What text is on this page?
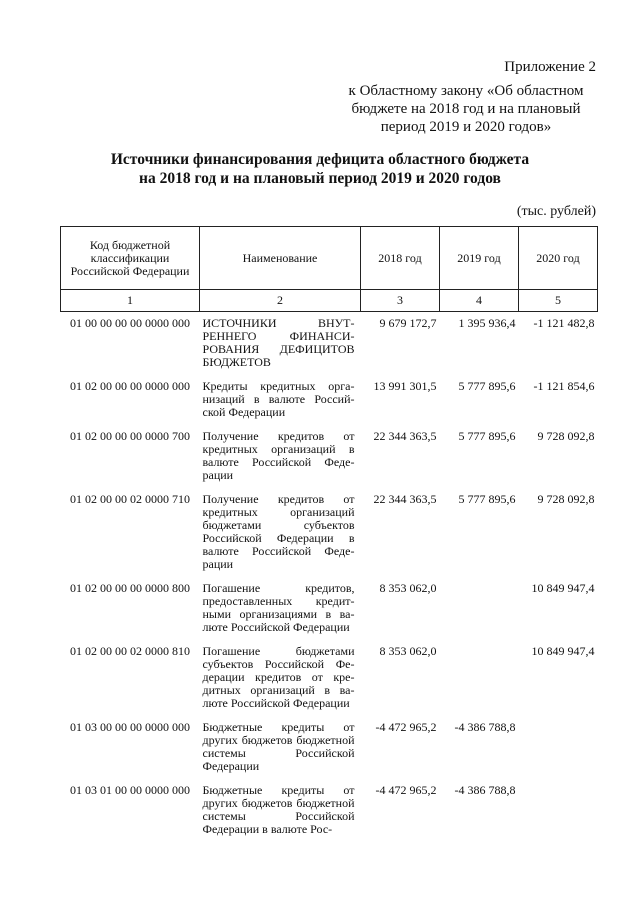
Приложение 2
к Областному закону «Об областном бюджете на 2018 год и на плановый период 2019 и 2020 годов»
Источники финансирования дефицита областного бюджета
на 2018 год и на плановый период 2019 и 2020 годов
(тыс. рублей)
Код бюджетной классификации Российской Федерации	Наименование	2018 год	2019 год	2020 год
1	2	3	4	5
01 00 00 00 00 0000 000	ИСТОЧНИКИ ВНУТРЕННЕГО ФИНАНСИРОВАНИЯ ДЕФИЦИТОВ БЮДЖЕТОВ	9 679 172,7	1 395 936,4	-1 121 482,8
01 02 00 00 00 0000 000	Кредиты кредитных организаций в валюте Российской Федерации	13 991 301,5	5 777 895,6	-1 121 854,6
01 02 00 00 00 0000 700	Получение кредитов от кредитных организаций в валюте Российской Федерации	22 344 363,5	5 777 895,6	9 728 092,8
01 02 00 00 02 0000 710	Получение кредитов от кредитных организаций бюджетами субъектов Российской Федерации в валюте Российской Федерации	22 344 363,5	5 777 895,6	9 728 092,8
01 02 00 00 00 0000 800	Погашение кредитов, предоставленных кредитными организациями в валюте Российской Федерации	8 353 062,0		10 849 947,4
01 02 00 00 02 0000 810	Погашение бюджетами субъектов Российской Федерации кредитов от кредитных организаций в валюте Российской Федерации	8 353 062,0		10 849 947,4
01 03 00 00 00 0000 000	Бюджетные кредиты от других бюджетов бюджетной системы Российской Федерации	-4 472 965,2	-4 386 788,8	
01 03 01 00 00 0000 000	Бюджетные кредиты от других бюджетов бюджетной системы Российской Федерации в валюте Рос-	-4 472 965,2	-4 386 788,8	
